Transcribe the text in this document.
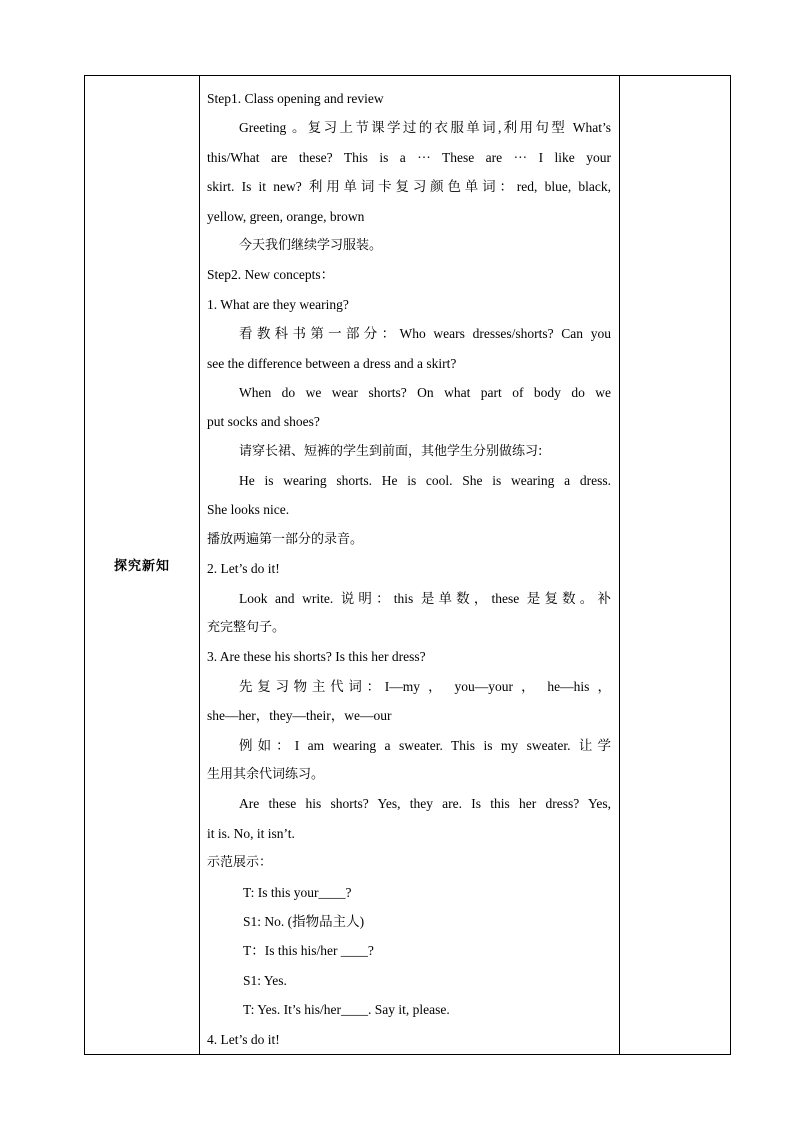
探究新知	
Step1. Class opening and review
Greeting 。复习上节课学过的衣服单词,利用句型 What’s
this/What are these? This is a ··· These are ··· I like your
skirt. Is it new? 利用单词卡复习颜色单词：red, blue, black,
yellow, green, orange, brown
今天我们继续学习服装。
Step2. New concepts：
1. What are they wearing?
看教科书第一部分：Who wears dresses/shorts? Can you
see the difference between a dress and a skirt?
When do we wear shorts? On what part of body do we
put socks and shoes?
请穿长裙、短裤的学生到前面，其他学生分别做练习:
He is wearing shorts. He is cool. She is wearing a dress.
She looks nice.
播放两遍第一部分的录音。
2. Let’s do it!
Look and write. 说明：this 是单数，these 是复数。补
充完整句子。
3. Are these his shorts? Is this her dress?
先复习物主代词：I—my ， you—your ， he—his ，
she—her，they—their，we—our
例如：I am wearing a sweater. This is my sweater. 让学
生用其余代词练习。
Are these his shorts? Yes, they are. Is this her dress? Yes,
it is. No, it isn’t.
示范展示：
T: Is this your____?
S1: No. (指物品主人)
T：Is this his/her ____?
S1: Yes.
T: Yes. It’s his/her____. Say it, please.
4. Let’s do it!
